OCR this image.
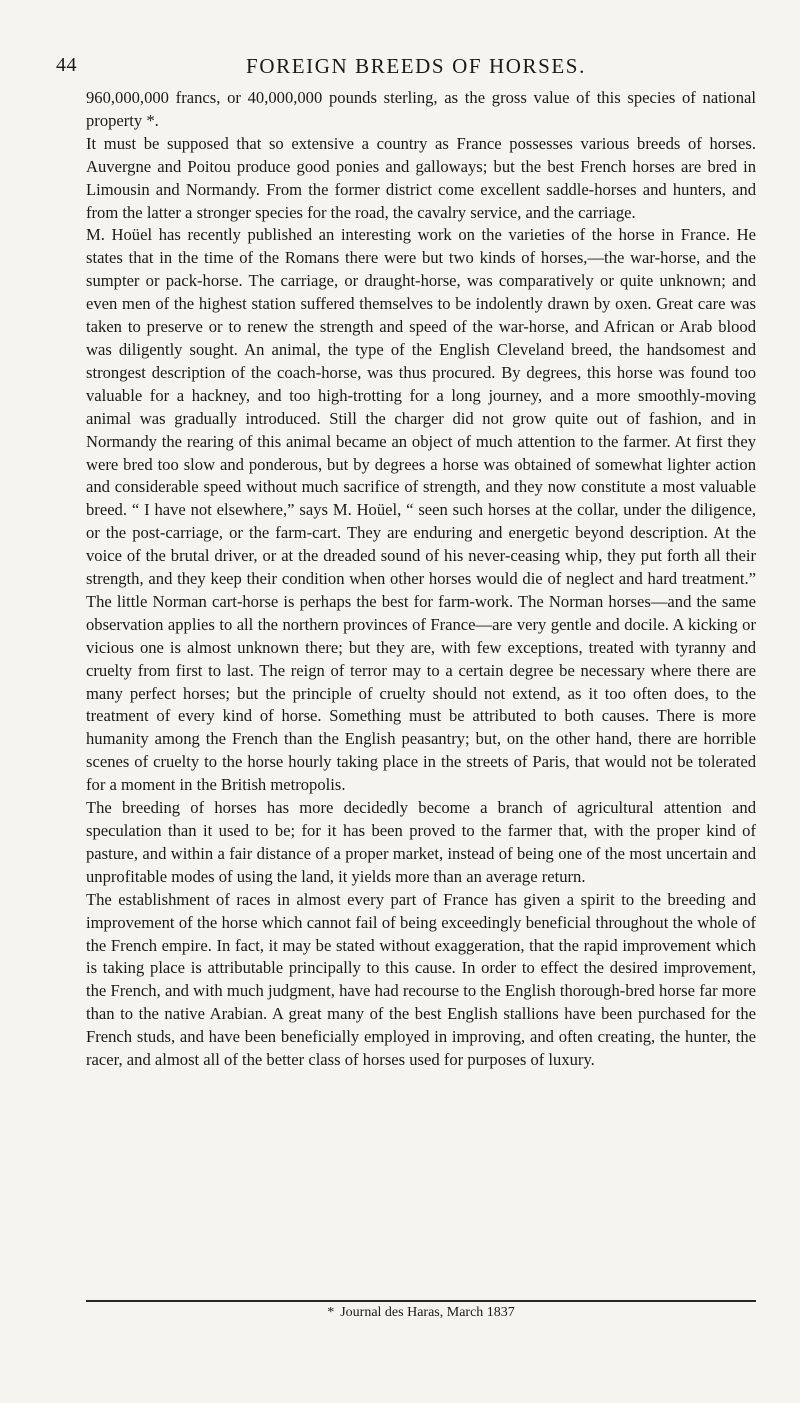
44	FOREIGN BREEDS OF HORSES.

960,000,000 francs, or 40,000,000 pounds sterling, as the gross value of this species of national property *.

It must be supposed that so extensive a country as France possesses various breeds of horses. Auvergne and Poitou produce good ponies and galloways; but the best French horses are bred in Limousin and Normandy. From the former district come excellent saddle-horses and hunters, and from the latter a stronger species for the road, the cavalry service, and the carriage.

M. Hoüel has recently published an interesting work on the varieties of the horse in France. He states that in the time of the Romans there were but two kinds of horses,—the war-horse, and the sumpter or pack-horse. The carriage, or draught-horse, was comparatively or quite unknown; and even men of the highest station suffered themselves to be indolently drawn by oxen. Great care was taken to preserve or to renew the strength and speed of the war-horse, and African or Arab blood was diligently sought. An animal, the type of the English Cleveland breed, the handsomest and strongest description of the coach-horse, was thus procured. By degrees, this horse was found too valuable for a hackney, and too high-trotting for a long journey, and a more smoothly-moving animal was gradually introduced. Still the charger did not grow quite out of fashion, and in Normandy the rearing of this animal became an object of much attention to the farmer. At first they were bred too slow and ponderous, but by degrees a horse was obtained of somewhat lighter action and considerable speed without much sacrifice of strength, and they now constitute a most valuable breed. “ I have not elsewhere,” says M. Hoüel, “ seen such horses at the collar, under the diligence, or the post-carriage, or the farm-cart. They are enduring and energetic beyond description. At the voice of the brutal driver, or at the dreaded sound of his never-ceasing whip, they put forth all their strength, and they keep their condition when other horses would die of neglect and hard treatment.” The little Norman cart-horse is perhaps the best for farm-work. The Norman horses—and the same observation applies to all the northern provinces of France—are very gentle and docile. A kicking or vicious one is almost unknown there; but they are, with few exceptions, treated with tyranny and cruelty from first to last. The reign of terror may to a certain degree be necessary where there are many perfect horses; but the principle of cruelty should not extend, as it too often does, to the treatment of every kind of horse. Something must be attributed to both causes. There is more humanity among the French than the English peasantry; but, on the other hand, there are horrible scenes of cruelty to the horse hourly taking place in the streets of Paris, that would not be tolerated for a moment in the British metropolis.

The breeding of horses has more decidedly become a branch of agricultural attention and speculation than it used to be; for it has been proved to the farmer that, with the proper kind of pasture, and within a fair distance of a proper market, instead of being one of the most uncertain and unprofitable modes of using the land, it yields more than an average return.

The establishment of races in almost every part of France has given a spirit to the breeding and improvement of the horse which cannot fail of being exceedingly beneficial throughout the whole of the French empire. In fact, it may be stated without exaggeration, that the rapid improvement which is taking place is attributable principally to this cause. In order to effect the desired improvement, the French, and with much judgment, have had recourse to the English thorough-bred horse far more than to the native Arabian. A great many of the best English stallions have been purchased for the French studs, and have been beneficially employed in improving, and often creating, the hunter, the racer, and almost all of the better class of horses used for purposes of luxury.

* Journal des Haras, March 1837
